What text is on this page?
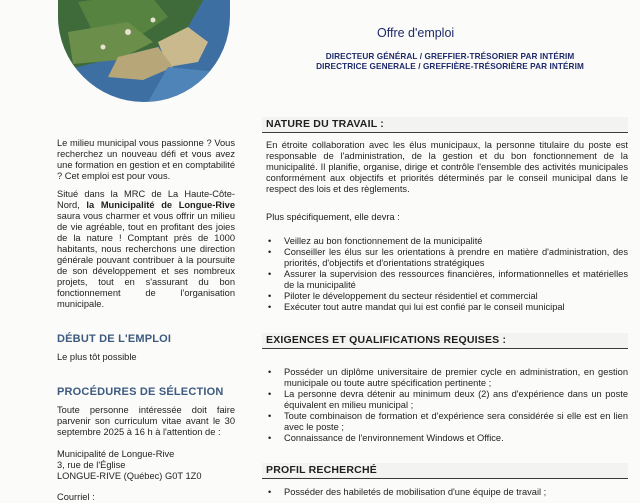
Le milieu municipal vous passionne ? Vous recherchez un nouveau défi et vous avez une formation en gestion et en comptabilité ? Cet emploi est pour vous.

Situé dans la MRC de La Haute-Côte-Nord, la Municipalité de Longue-Rive saura vous charmer et vous offrir un milieu de vie agréable, tout en profitant des joies de la nature ! Comptant près de 1000 habitants, nous recherchons une direction générale pouvant contribuer à la poursuite de son développement et ses nombreux projets, tout en s'assurant du bon fonctionnement de l'organisation municipale.

DÉBUT DE L'EMPLOI

Le plus tôt possible

PROCÉDURES DE SÉLECTION

Toute personne intéressée doit faire parvenir son curriculum vitae avant le 30 septembre 2025 à 16 h à l'attention de :

Municipalité de Longue-Rive

3, rue de l'Église

LONGUE-RIVE (Québec) G0T 1Z0

Courriel :

Offre d'emploi

DIRECTEUR GÉNÉRAL / GREFFIER-TRÉSORIER PAR INTÉRIM

DIRECTRICE GENERALE / GREFFIÈRE-TRÉSORIÈRE PAR INTÉRIM

NATURE DU TRAVAIL :

En étroite collaboration avec les élus municipaux, la personne titulaire du poste est responsable de l'administration, de la gestion et du bon fonctionnement de la municipalité. Il planifie, organise, dirige et contrôle l'ensemble des activités municipales conformément aux objectifs et priorités déterminés par le conseil municipal dans le respect des lois et des règlements.

Plus spécifiquement, elle devra :

• Veillez au bon fonctionnement de la municipalité
• Conseiller les élus sur les orientations à prendre en matière d'administration, des priorités, d'objectifs et d'orientations stratégiques
• Assurer la supervision des ressources financières, informationnelles et matérielles de la municipalité
• Piloter le développement du secteur résidentiel et commercial
• Exécuter tout autre mandat qui lui est confié par le conseil municipal
EXIGENCES ET QUALIFICATIONS REQUISES :
• Posséder un diplôme universitaire de premier cycle en administration, en gestion municipale ou toute autre spécification pertinente ;
• La personne devra détenir au minimum deux (2) ans d'expérience dans un poste équivalent en milieu municipal ;
• Toute combinaison de formation et d'expérience sera considérée si elle est en lien avec le poste ;
• Connaissance de l'environnement Windows et Office.
PROFIL RECHERCHÉ
• Posséder des habiletés de mobilisation d'une équipe de travail ;
